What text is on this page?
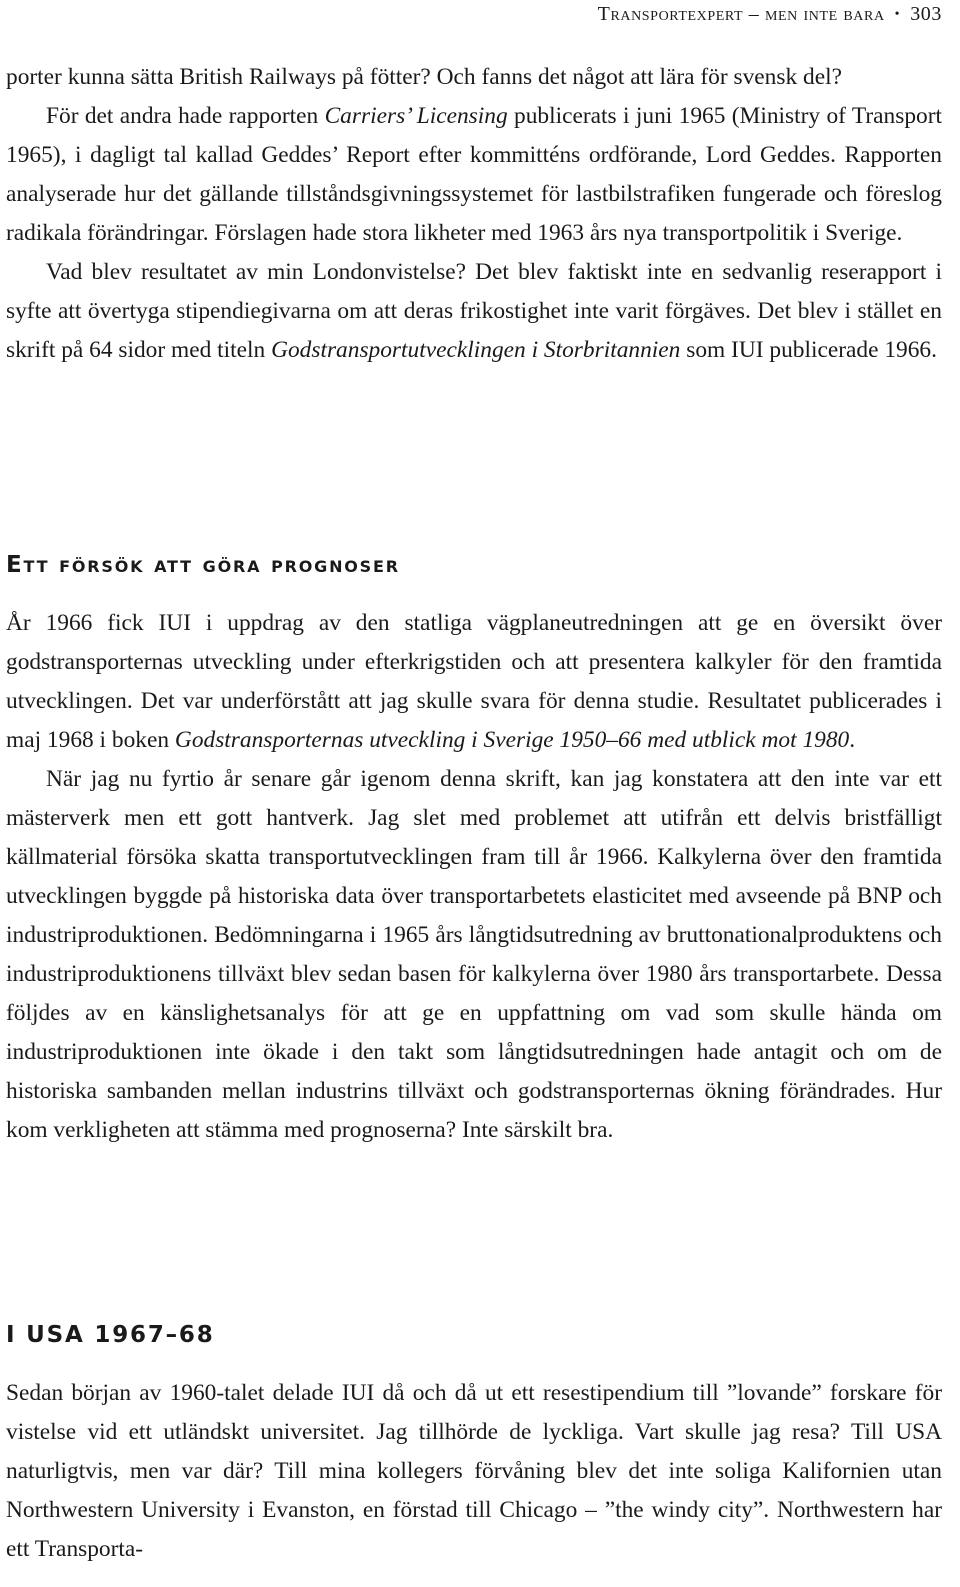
Transportexpert – men inte bara • 303

porter kunna sätta British Railways på fötter? Och fanns det något att lära för svensk del?

För det andra hade rapporten Carriers’ Licensing publicerats i juni 1965 (Ministry of Transport 1965), i dagligt tal kallad Geddes’ Report efter kommitténs ordförande, Lord Geddes. Rapporten analyserade hur det gällande tillståndsgivningssystemet för lastbilstrafiken fungerade och föreslog radikala förändringar. Förslagen hade stora likheter med 1963 års nya transportpolitik i Sverige.

Vad blev resultatet av min Londonvistelse? Det blev faktiskt inte en sedvanlig reserapport i syfte att övertyga stipendiegivarna om att deras frikostighet inte varit förgäves. Det blev i stället en skrift på 64 sidor med titeln Godstransportutvecklingen i Storbritannien som IUI publicerade 1966.

Ett försök att göra prognoser

År 1966 fick IUI i uppdrag av den statliga vägplaneutredningen att ge en översikt över godstransporternas utveckling under efterkrigstiden och att presentera kalkyler för den framtida utvecklingen. Det var underförstått att jag skulle svara för denna studie. Resultatet publicerades i maj 1968 i boken Godstransporternas utveckling i Sverige 1950–66 med utblick mot 1980.

När jag nu fyrtio år senare går igenom denna skrift, kan jag konstatera att den inte var ett mästerverk men ett gott hantverk. Jag slet med problemet att utifrån ett delvis bristfälligt källmaterial försöka skatta transportutvecklingen fram till år 1966. Kalkylerna över den framtida utvecklingen byggde på historiska data över transportarbetets elasticitet med avseende på BNP och industriproduktionen. Bedömningarna i 1965 års långtidsutredning av bruttonationalproduktens och industriproduktionens tillväxt blev sedan basen för kalkylerna över 1980 års transportarbete. Dessa följdes av en känslighetsanalys för att ge en uppfattning om vad som skulle hända om industriproduktionen inte ökade i den takt som långtidsutredningen hade antagit och om de historiska sambanden mellan industrins tillväxt och godstransporternas ökning förändrades. Hur kom verkligheten att stämma med prognoserna? Inte särskilt bra.

I USA 1967–68

Sedan början av 1960-talet delade IUI då och då ut ett resestipendium till ”lovande” forskare för vistelse vid ett utländskt universitet. Jag tillhörde de lyckliga. Vart skulle jag resa? Till USA naturligtvis, men var där? Till mina kollegers förvåning blev det inte soliga Kalifornien utan Northwestern University i Evanston, en förstad till Chicago – ”the windy city”. Northwestern har ett Transporta-
